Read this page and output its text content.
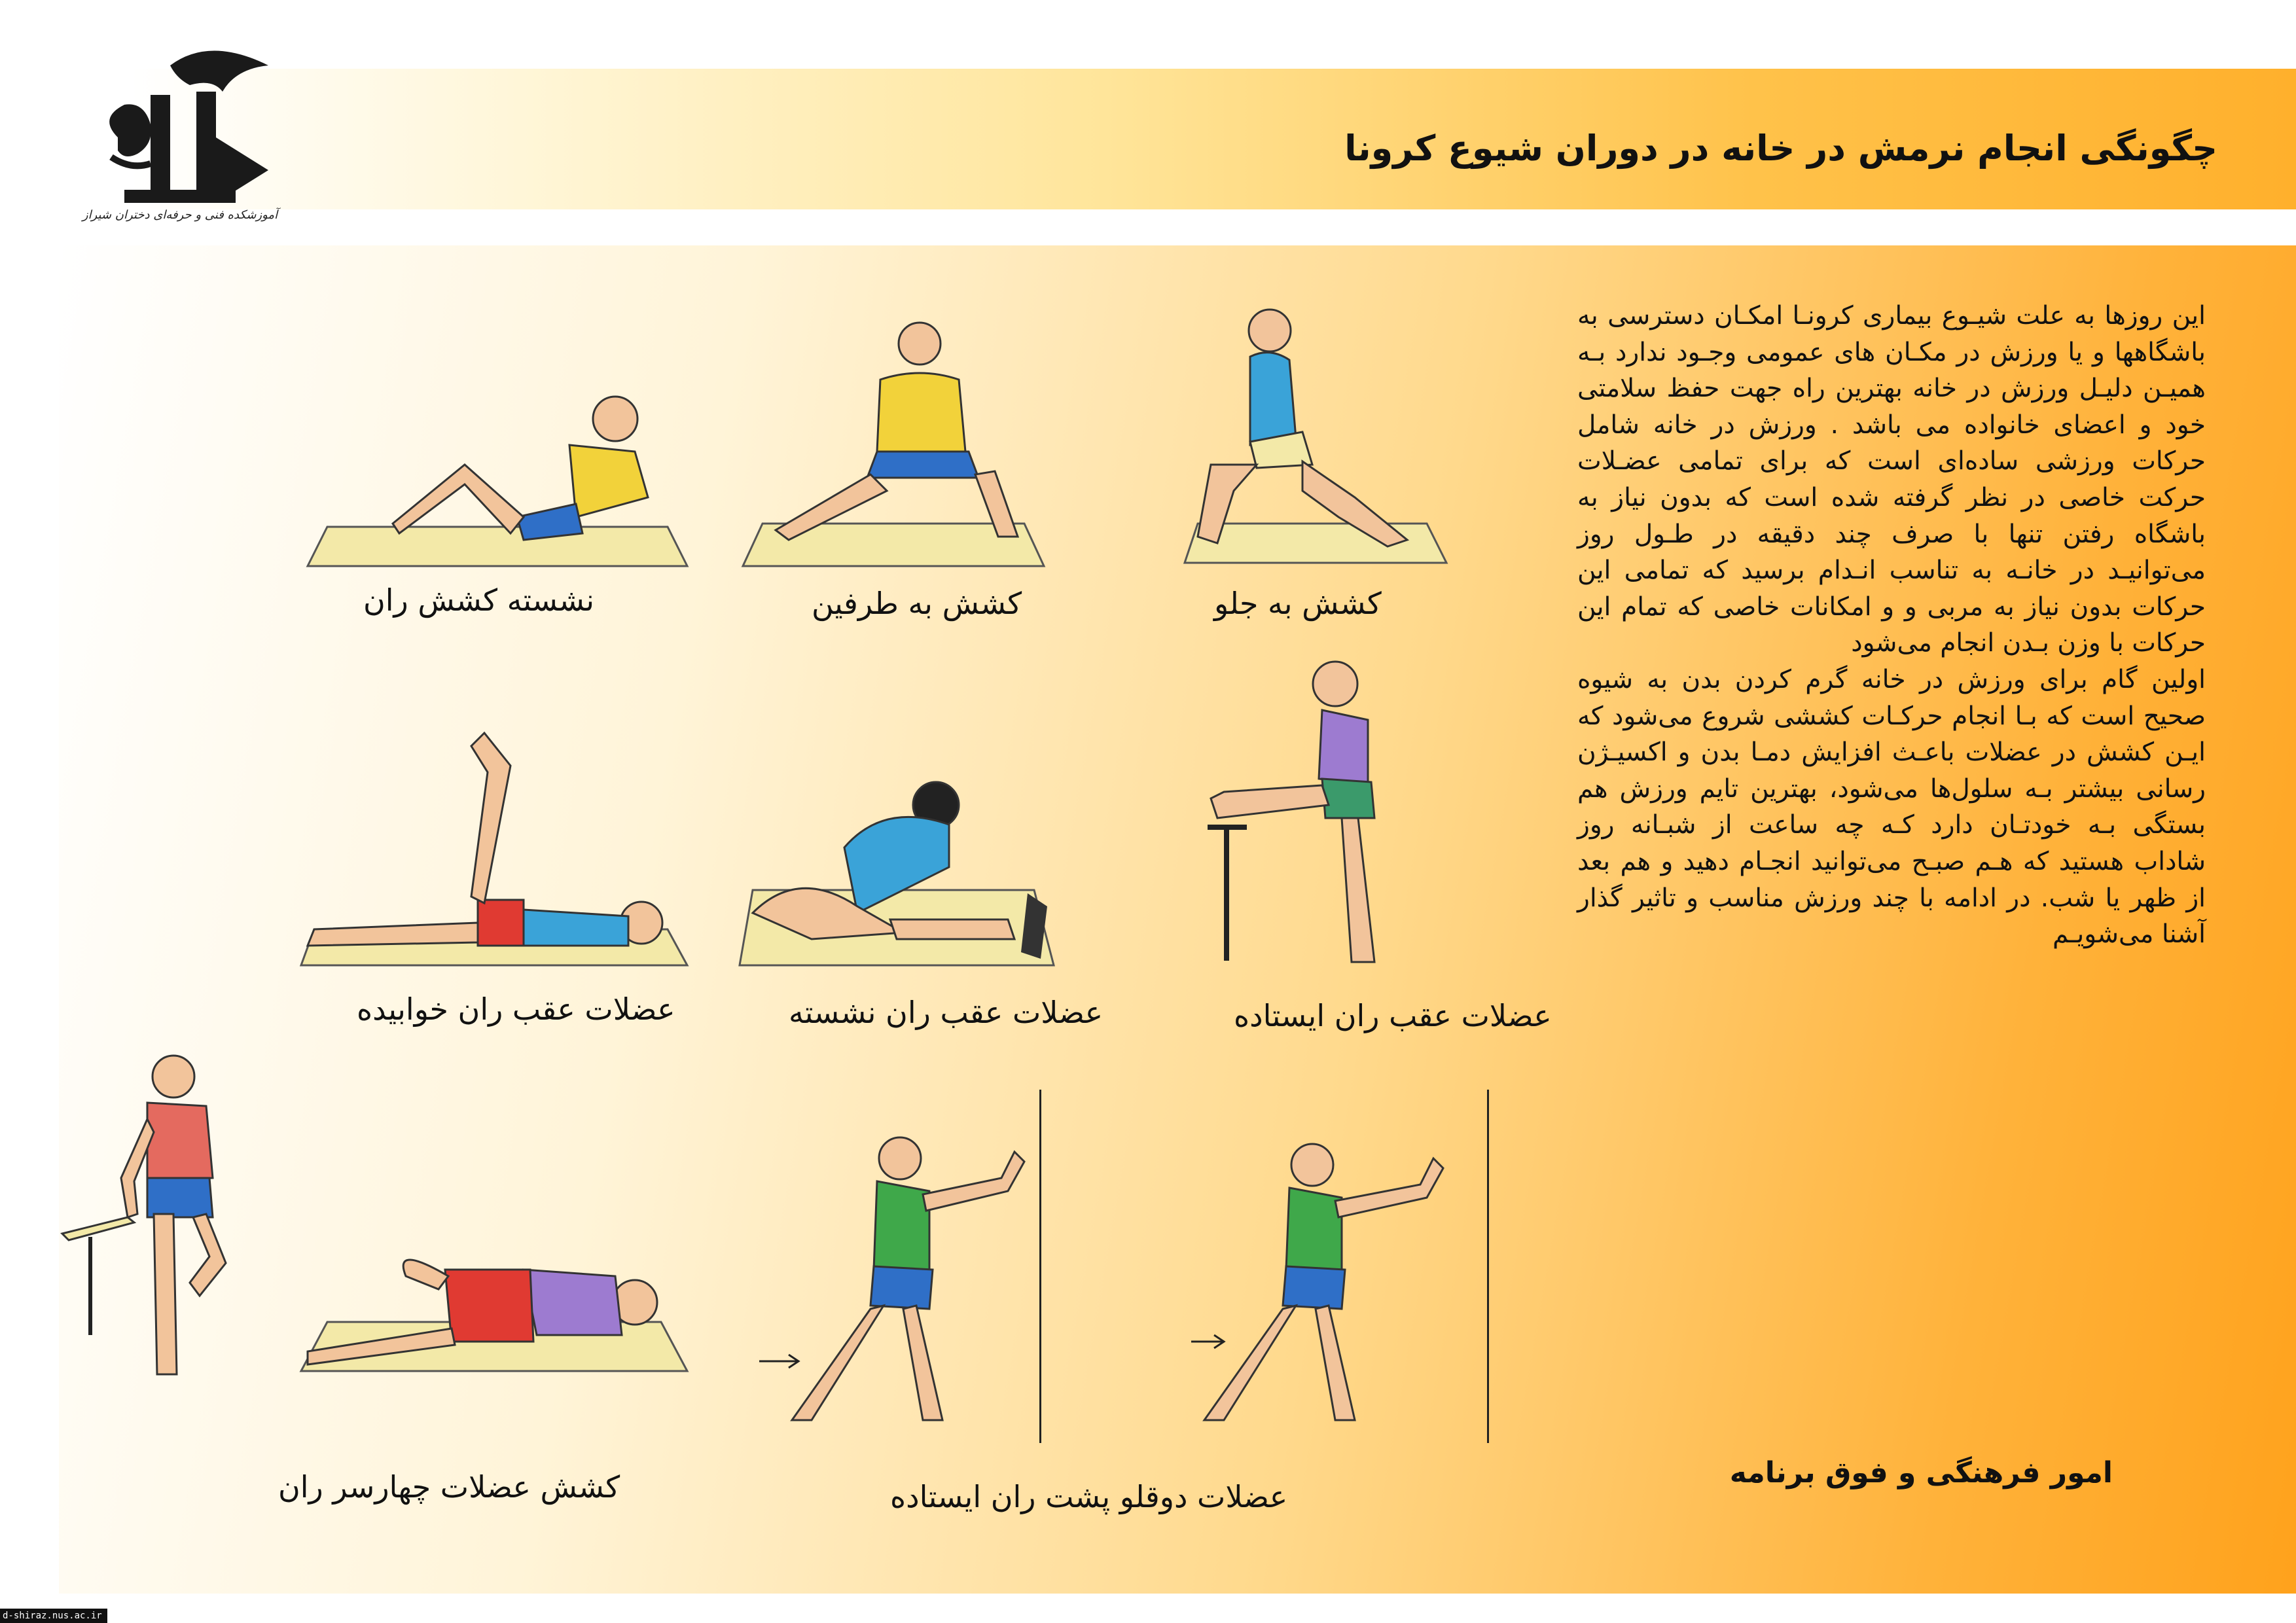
آموزشکده فنی و حرفه‌ای دختران شیراز
چگونگی انجام نرمش در خانه در دوران شیوع کرونا

این روزها به علت شیـوع بیماری کرونـا امکـان دسترسی به باشگاهها و یا ورزش در مکـان های عمومی وجـود ندارد بـه همیـن دلیـل ورزش در خانه بهترین راه جهت حفظ سلامتی خود و اعضای خانواده می باشد . ورزش در خانه شامل حرکات ورزشی ساده‌ای است که برای تمامی عضـلات حرکت خاصی در نظر گرفته شده است که بدون نیاز به باشگاه رفتن تنها با صرف چند دقیقه در طـول روز می‌توانیـد در خانـه به تناسب انـدام برسید که تمامی این حرکات بدون نیاز به مربی و و امکانات خاصی که تمام این حرکات با وزن بـدن انجام می‌شود

اولین گام برای ورزش در خانه گرم کردن بدن به شیوه صحیح است که بـا انجام حرکـات کششی شروع می‌شود که ایـن کشش در عضلات باعـث افزایش دمـا بدن و اکسیـژن رسانی بیشتر بـه سلول‌ها می‌شود، بهترین تایم ورزش هم بستگی بـه خودتـان دارد کـه چه ساعت از شبـانه روز شاداب هستید که هـم صبـح می‌توانید انجـام دهید و هم بعد از ظهر یا شب. در ادامه با چند ورزش مناسب و تاثیر گذار آشنا می‌شویـم

کشش به جلو
کشش به طرفین
نشسته کشش ران
عضلات عقب ران ایستاده
عضلات عقب ران نشسته
عضلات عقب ران خوابیده
عضلات دوقلو پشت ران ایستاده
کشش عضلات چهارسر ران	امور فرهنگی و فوق برنامه
d-shiraz.nus.ac.ir
